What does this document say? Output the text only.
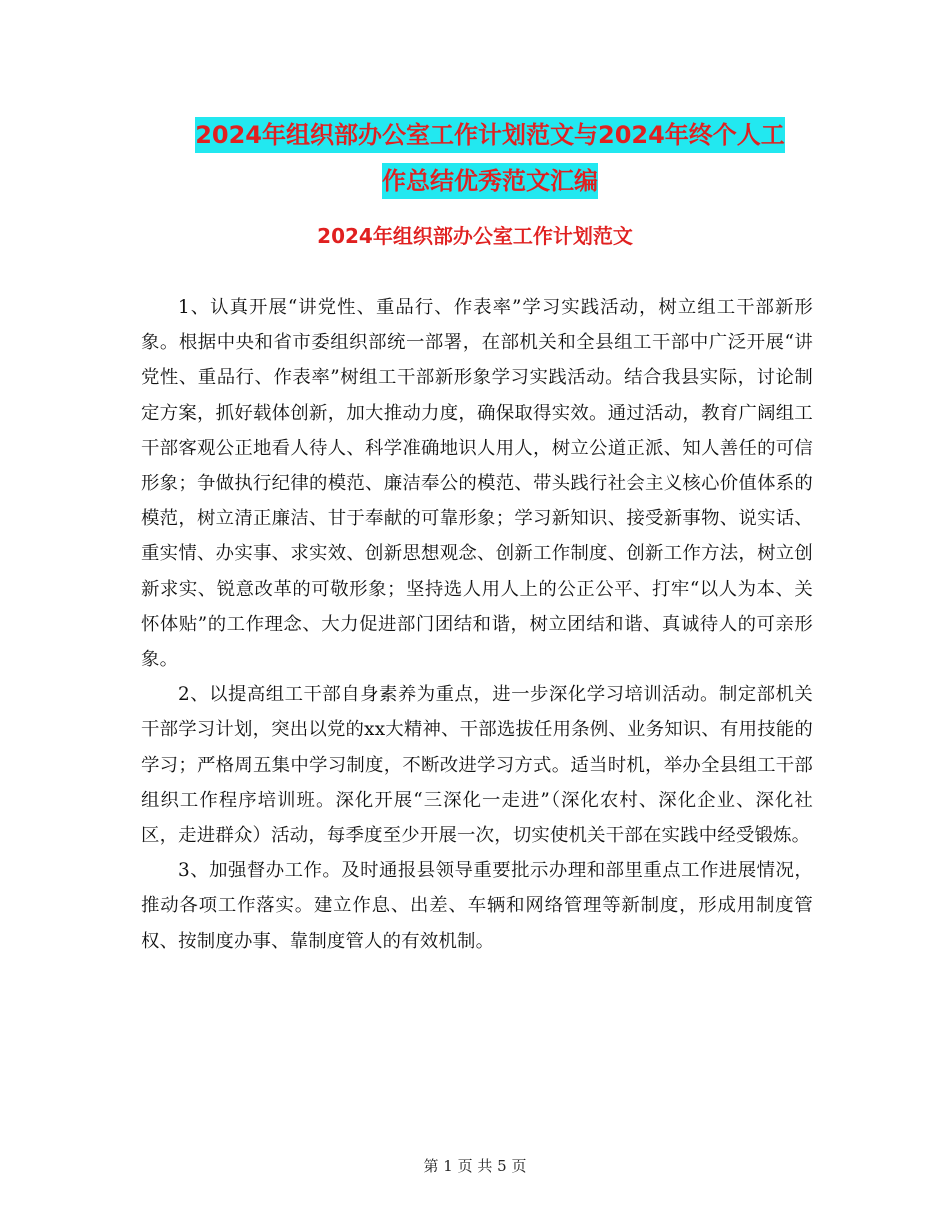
2024年组织部办公室工作计划范文与2024年终个人工
作总结优秀范文汇编
2024年组织部办公室工作计划范文

1、认真开展“讲党性、重品行、作表率”学习实践活动，树立组工干部新形象。根据中央和省市委组织部统一部署，在部机关和全县组工干部中广泛开展“讲党性、重品行、作表率”树组工干部新形象学习实践活动。结合我县实际，讨论制定方案，抓好载体创新，加大推动力度，确保取得实效。通过活动，教育广阔组工干部客观公正地看人待人、科学准确地识人用人，树立公道正派、知人善任的可信形象；争做执行纪律的模范、廉洁奉公的模范、带头践行社会主义核心价值体系的模范，树立清正廉洁、甘于奉献的可靠形象；学习新知识、接受新事物、说实话、重实情、办实事、求实效、创新思想观念、创新工作制度、创新工作方法，树立创新求实、锐意改革的可敬形象；坚持选人用人上的公正公平、打牢“以人为本、关怀体贴”的工作理念、大力促进部门团结和谐，树立团结和谐、真诚待人的可亲形象。

2、以提高组工干部自身素养为重点，进一步深化学习培训活动。制定部机关干部学习计划，突出以党的xx大精神、干部选拔任用条例、业务知识、有用技能的学习；严格周五集中学习制度，不断改进学习方式。适当时机，举办全县组工干部组织工作程序培训班。深化开展“三深化一走进”（深化农村、深化企业、深化社区，走进群众）活动，每季度至少开展一次，切实使机关干部在实践中经受锻炼。

3、加强督办工作。及时通报县领导重要批示办理和部里重点工作进展情况，推动各项工作落实。建立作息、出差、车辆和网络管理等新制度，形成用制度管权、按制度办事、靠制度管人的有效机制。

第 1 页 共 5 页
